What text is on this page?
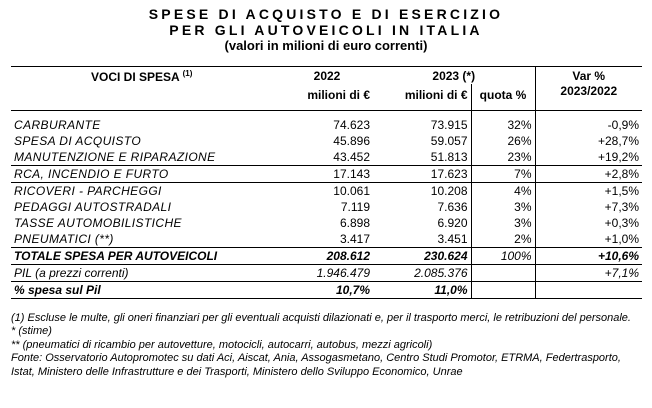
SPESE DI ACQUISTO E DI ESERCIZIO
PER GLI AUTOVEICOLI IN ITALIA
(valori in milioni di euro correnti)
VOCI DI SPESA $^{(1)}$	2022	2023 (*)		Var %
	milioni di €	milioni di €	quota %	2023/2022

CARBURANTE	74.623	73.915	32%	-0,9%
SPESA DI ACQUISTO	45.896	59.057	26%	+28,7%
MANUTENZIONE E RIPARAZIONE	43.452	51.813	23%	+19,2%
RCA, INCENDIO E FURTO	17.143	17.623	7%	+2,8%
RICOVERI - PARCHEGGI	10.061	10.208	4%	+1,5%
PEDAGGI AUTOSTRADALI	7.119	7.636	3%	+7,3%
TASSE AUTOMOBILISTICHE	6.898	6.920	3%	+0,3%
PNEUMATICI (**)	3.417	3.451	2%	+1,0%
TOTALE SPESA PER AUTOVEICOLI	208.612	230.624	100%	+10,6%
PIL (a prezzi correnti)	1.946.479	2.085.376		+7,1%
% spesa sul Pil	10,7%	11,0%		
(1) Escluse le multe, gli oneri finanziari per gli eventuali acquisti dilazionati e, per il trasporto merci, le retribuzioni del personale.
* (stime)
** (pneumatici di ricambio per autovetture, motocicli, autocarri, autobus, mezzi agricoli)
Fonte: Osservatorio Autopromotec su dati Aci, Aiscat, Ania, Assogasmetano, Centro Studi Promotor, ETRMA, Federtrasporto, Istat, Ministero delle Infrastrutture e dei Trasporti, Ministero dello Sviluppo Economico, Unrae
